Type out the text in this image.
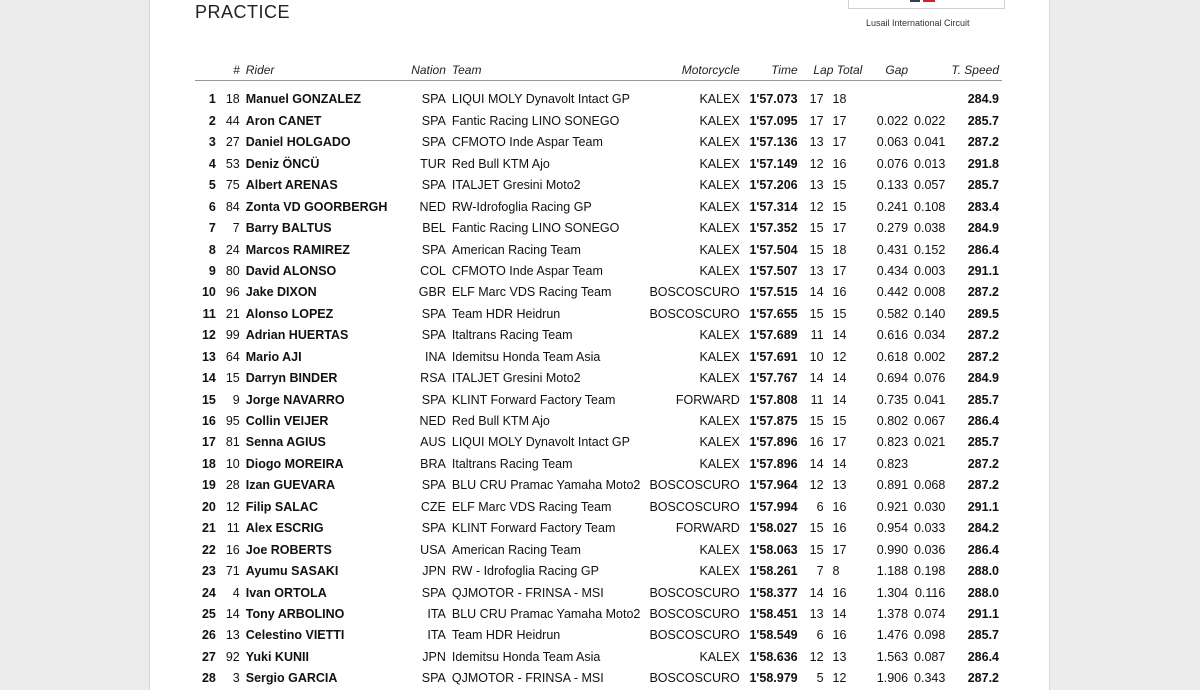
PRACTICE
Lusail International Circuit
	#	Rider	Nation	Team	Motorcycle	Time	Lap Total		Gap		T. Speed

1	18	Manuel GONZALEZ	SPA	LIQUI MOLY Dynavolt Intact GP	KALEX	1'57.073	17	18			284.9
2	44	Aron CANET	SPA	Fantic Racing LINO SONEGO	KALEX	1'57.095	17	17	0.022	0.022	285.7
3	27	Daniel HOLGADO	SPA	CFMOTO Inde Aspar Team	KALEX	1'57.136	13	17	0.063	0.041	287.2
4	53	Deniz ÖNCÜ	TUR	Red Bull KTM Ajo	KALEX	1'57.149	12	16	0.076	0.013	291.8
5	75	Albert ARENAS	SPA	ITALJET Gresini Moto2	KALEX	1'57.206	13	15	0.133	0.057	285.7
6	84	Zonta VD GOORBERGH	NED	RW-Idrofoglia Racing GP	KALEX	1'57.314	12	15	0.241	0.108	283.4
7	7	Barry BALTUS	BEL	Fantic Racing LINO SONEGO	KALEX	1'57.352	15	17	0.279	0.038	284.9
8	24	Marcos RAMIREZ	SPA	American Racing Team	KALEX	1'57.504	15	18	0.431	0.152	286.4
9	80	David ALONSO	COL	CFMOTO Inde Aspar Team	KALEX	1'57.507	13	17	0.434	0.003	291.1
10	96	Jake DIXON	GBR	ELF Marc VDS Racing Team	BOSCOSCURO	1'57.515	14	16	0.442	0.008	287.2
11	21	Alonso LOPEZ	SPA	Team HDR Heidrun	BOSCOSCURO	1'57.655	15	15	0.582	0.140	289.5
12	99	Adrian HUERTAS	SPA	Italtrans Racing Team	KALEX	1'57.689	11	14	0.616	0.034	287.2
13	64	Mario AJI	INA	Idemitsu Honda Team Asia	KALEX	1'57.691	10	12	0.618	0.002	287.2
14	15	Darryn BINDER	RSA	ITALJET Gresini Moto2	KALEX	1'57.767	14	14	0.694	0.076	284.9
15	9	Jorge NAVARRO	SPA	KLINT Forward Factory Team	FORWARD	1'57.808	11	14	0.735	0.041	285.7
16	95	Collin VEIJER	NED	Red Bull KTM Ajo	KALEX	1'57.875	15	15	0.802	0.067	286.4
17	81	Senna AGIUS	AUS	LIQUI MOLY Dynavolt Intact GP	KALEX	1'57.896	16	17	0.823	0.021	285.7
18	10	Diogo MOREIRA	BRA	Italtrans Racing Team	KALEX	1'57.896	14	14	0.823		287.2
19	28	Izan GUEVARA	SPA	BLU CRU Pramac Yamaha Moto2	BOSCOSCURO	1'57.964	12	13	0.891	0.068	287.2
20	12	Filip SALAC	CZE	ELF Marc VDS Racing Team	BOSCOSCURO	1'57.994	6	16	0.921	0.030	291.1
21	11	Alex ESCRIG	SPA	KLINT Forward Factory Team	FORWARD	1'58.027	15	16	0.954	0.033	284.2
22	16	Joe ROBERTS	USA	American Racing Team	KALEX	1'58.063	15	17	0.990	0.036	286.4
23	71	Ayumu SASAKI	JPN	RW - Idrofoglia Racing GP	KALEX	1'58.261	7	8	1.188	0.198	288.0
24	4	Ivan ORTOLA	SPA	QJMOTOR - FRINSA - MSI	BOSCOSCURO	1'58.377	14	16	1.304	0.116	288.0
25	14	Tony ARBOLINO	ITA	BLU CRU Pramac Yamaha Moto2	BOSCOSCURO	1'58.451	13	14	1.378	0.074	291.1
26	13	Celestino VIETTI	ITA	Team HDR Heidrun	BOSCOSCURO	1'58.549	6	16	1.476	0.098	285.7
27	92	Yuki KUNII	JPN	Idemitsu Honda Team Asia	KALEX	1'58.636	12	13	1.563	0.087	286.4
28	3	Sergio GARCIA	SPA	QJMOTOR - FRINSA - MSI	BOSCOSCURO	1'58.979	5	12	1.906	0.343	287.2
